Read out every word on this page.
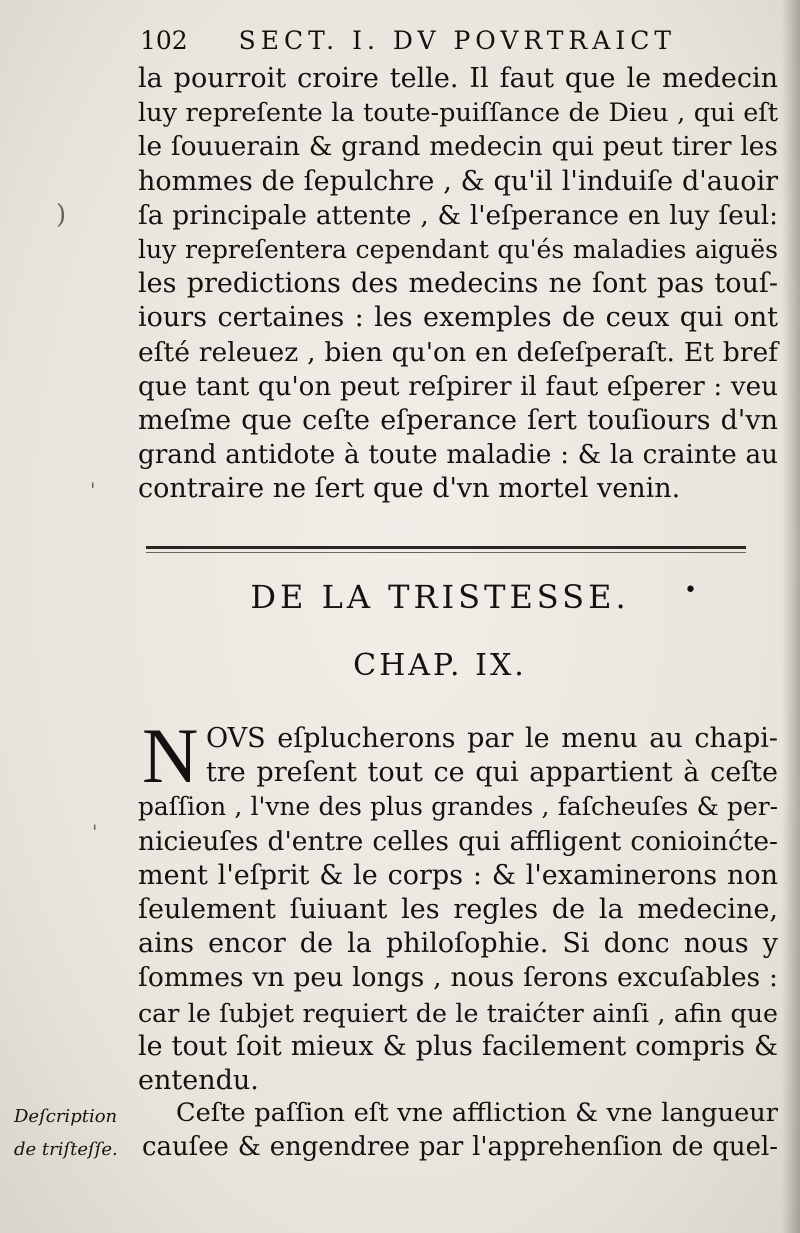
102 SECT. I. DV POVRTRAICT
la pourroit croire telle. Il faut que le medecin
luy repreſente la toute-puiſſance de Dieu , qui eſt
le ſouuerain & grand medecin qui peut tirer les
hommes de ſepulchre , & qu'il l'induiſe d'auoir
ſa principale attente , & l'eſperance en luy ſeul:
luy repreſentera cependant qu'és maladies aiguës
les predictions des medecins ne ſont pas touſ-
iours certaines : les exemples de ceux qui ont
eſté releuez , bien qu'on en deſeſperaſt. Et bref
que tant qu'on peut reſpirer il faut eſperer : veu
meſme que ceſte eſperance ſert touſiours d'vn
grand antidote à toute maladie : & la crainte au
contraire ne ſert que d'vn mortel venin.
DE LA TRISTESSE.	•
CHAP. IX.
N OVS eſplucherons par le menu au chapi-
tre preſent tout ce qui appartient à ceſte
paſſion , l'vne des plus grandes , faſcheuſes & per-
nicieuſes d'entre celles qui affligent conioinćte-
ment l'eſprit & le corps : & l'examinerons non
ſeulement ſuiuant les regles de la medecine,
ains encor de la philoſophie. Si donc nous y
ſommes vn peu longs , nous ſerons excuſables :
car le ſubjet requiert de le traićter ainſi , afin que
le tout ſoit mieux & plus facilement compris &
entendu.
Ceſte paſſion eſt vne affliction & vne langueur
cauſee & engendree par l'apprehenſion de quel-
Deſcription
de triſteſſe.
)
'
'
